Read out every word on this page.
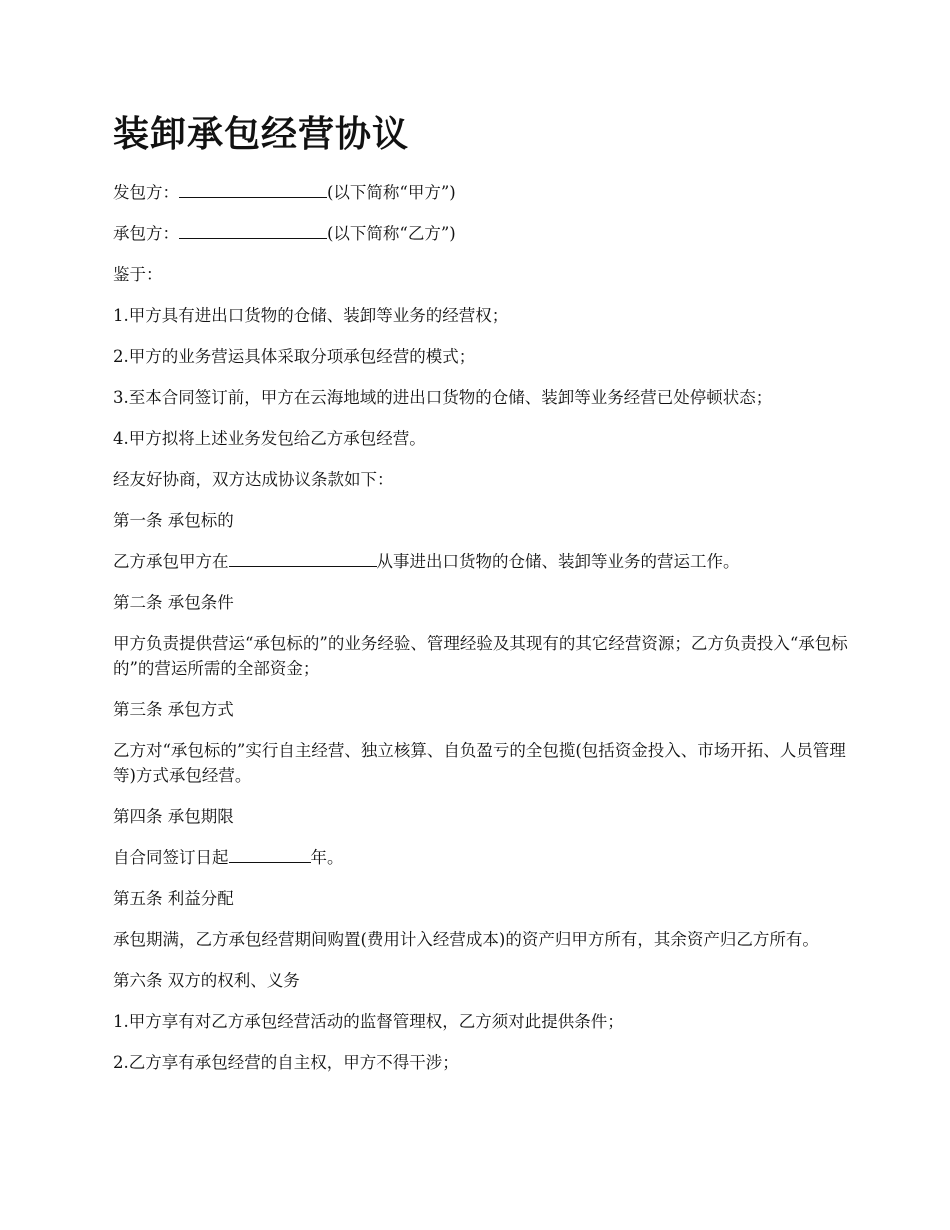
装卸承包经营协议

发包方：	(以下简称“甲方”)

承包方：	(以下简称“乙方”)

鉴于：

1.甲方具有进出口货物的仓储、装卸等业务的经营权；

2.甲方的业务营运具体采取分项承包经营的模式；

3.至本合同签订前，甲方在云海地域的进出口货物的仓储、装卸等业务经营已处停顿状态；

4.甲方拟将上述业务发包给乙方承包经营。

经友好协商，双方达成协议条款如下：

第一条 承包标的

乙方承包甲方在	从事进出口货物的仓储、装卸等业务的营运工作。

第二条 承包条件

甲方负责提供营运“承包标的”的业务经验、管理经验及其现有的其它经营资源；乙方负责投入“承包标的”的营运所需的全部资金；

第三条 承包方式

乙方对“承包标的”实行自主经营、独立核算、自负盈亏的全包揽(包括资金投入、市场开拓、人员管理等)方式承包经营。

第四条 承包期限

自合同签订日起	年。

第五条 利益分配

承包期满，乙方承包经营期间购置(费用计入经营成本)的资产归甲方所有，其余资产归乙方所有。

第六条 双方的权利、义务

1.甲方享有对乙方承包经营活动的监督管理权，乙方须对此提供条件；

2.乙方享有承包经营的自主权，甲方不得干涉；
